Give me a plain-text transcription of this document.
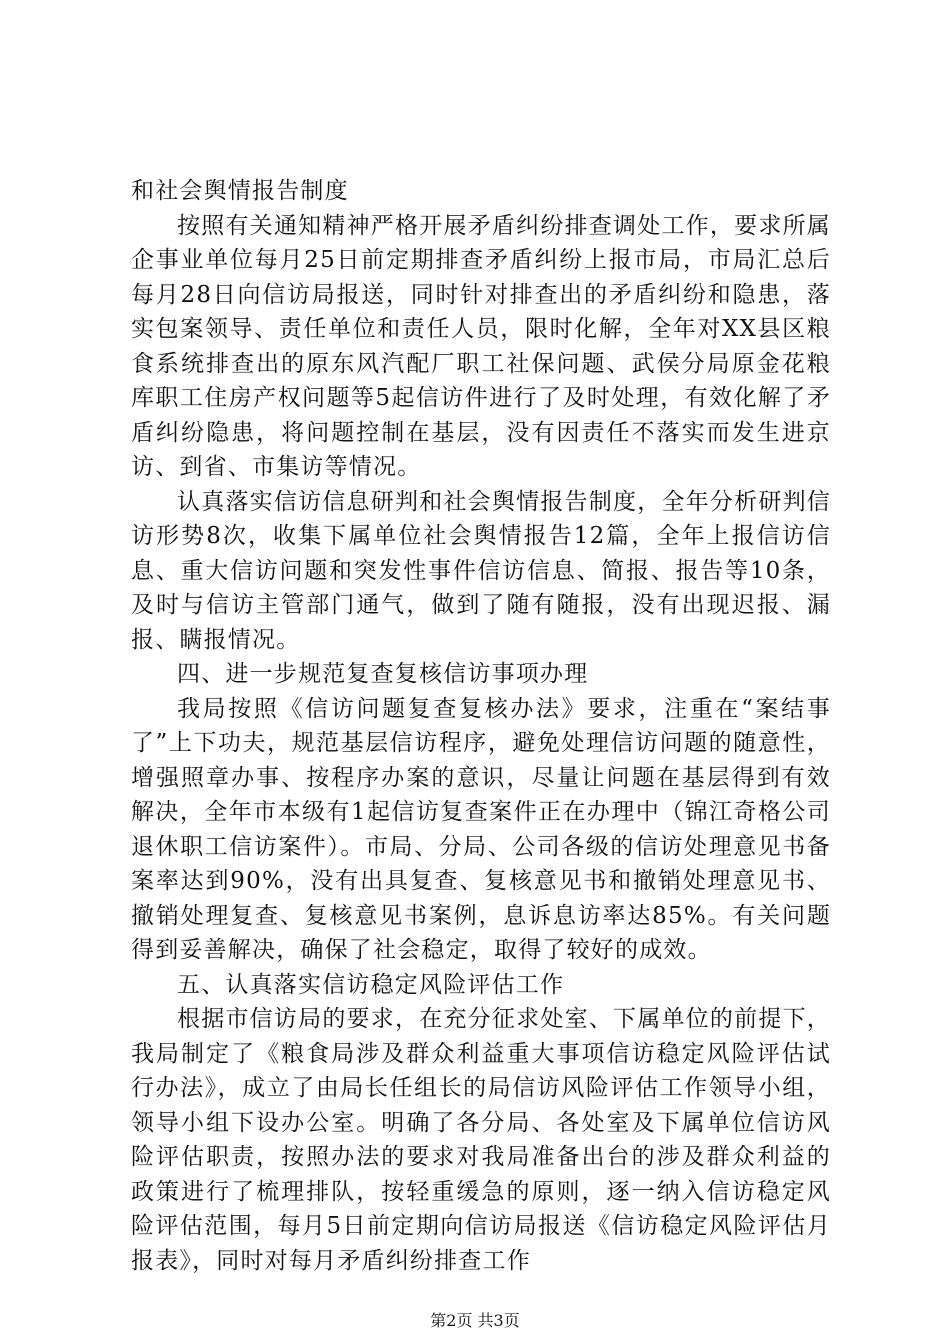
和社会舆情报告制度

按照有关通知精神严格开展矛盾纠纷排查调处工作，要求所属企事业单位每月25日前定期排查矛盾纠纷上报市局，市局汇总后每月28日向信访局报送，同时针对排查出的矛盾纠纷和隐患，落实包案领导、责任单位和责任人员，限时化解，全年对XX县区粮食系统排查出的原东风汽配厂职工社保问题、武侯分局原金花粮库职工住房产权问题等5起信访件进行了及时处理，有效化解了矛盾纠纷隐患，将问题控制在基层，没有因责任不落实而发生进京访、到省、市集访等情况。

认真落实信访信息研判和社会舆情报告制度，全年分析研判信访形势8次，收集下属单位社会舆情报告12篇，全年上报信访信息、重大信访问题和突发性事件信访信息、简报、报告等10条，及时与信访主管部门通气，做到了随有随报，没有出现迟报、漏报、瞒报情况。

四、进一步规范复查复核信访事项办理

我局按照《信访问题复查复核办法》要求，注重在“案结事了”上下功夫，规范基层信访程序，避免处理信访问题的随意性，增强照章办事、按程序办案的意识，尽量让问题在基层得到有效解决，全年市本级有1起信访复查案件正在办理中（锦江奇格公司退休职工信访案件）。市局、分局、公司各级的信访处理意见书备案率达到90%，没有出具复查、复核意见书和撤销处理意见书、撤销处理复查、复核意见书案例，息诉息访率达85%。有关问题得到妥善解决，确保了社会稳定，取得了较好的成效。

五、认真落实信访稳定风险评估工作

根据市信访局的要求，在充分征求处室、下属单位的前提下，我局制定了《粮食局涉及群众利益重大事项信访稳定风险评估试行办法》，成立了由局长任组长的局信访风险评估工作领导小组，领导小组下设办公室。明确了各分局、各处室及下属单位信访风险评估职责，按照办法的要求对我局准备出台的涉及群众利益的政策进行了梳理排队，按轻重缓急的原则，逐一纳入信访稳定风险评估范围，每月5日前定期向信访局报送《信访稳定风险评估月报表》，同时对每月矛盾纠纷排查工作

第2页 共3页
